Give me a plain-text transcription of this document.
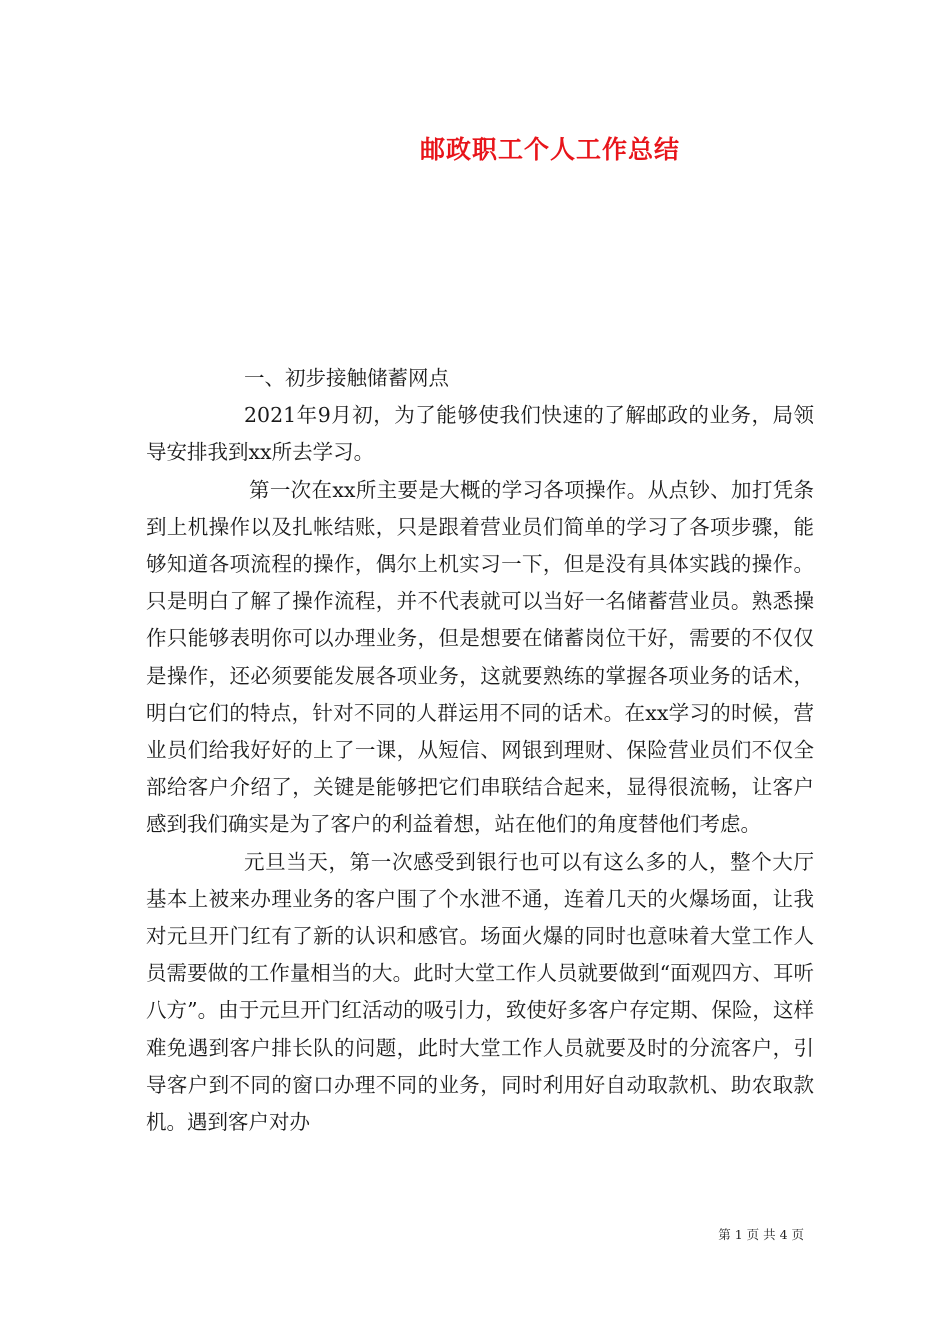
邮政职工个人工作总结

一、初步接触储蓄网点

2021年9月初，为了能够使我们快速的了解邮政的业务，局领导安排我到xx所去学习。

第一次在xx所主要是大概的学习各项操作。从点钞、加打凭条到上机操作以及扎帐结账，只是跟着营业员们简单的学习了各项步骤，能够知道各项流程的操作，偶尔上机实习一下，但是没有具体实践的操作。只是明白了解了操作流程，并不代表就可以当好一名储蓄营业员。熟悉操作只能够表明你可以办理业务，但是想要在储蓄岗位干好，需要的不仅仅是操作，还必须要能发展各项业务，这就要熟练的掌握各项业务的话术，明白它们的特点，针对不同的人群运用不同的话术。在xx学习的时候，营业员们给我好好的上了一课，从短信、网银到理财、保险营业员们不仅全部给客户介绍了，关键是能够把它们串联结合起来，显得很流畅，让客户感到我们确实是为了客户的利益着想，站在他们的角度替他们考虑。

元旦当天，第一次感受到银行也可以有这么多的人，整个大厅基本上被来办理业务的客户围了个水泄不通，连着几天的火爆场面，让我对元旦开门红有了新的认识和感官。场面火爆的同时也意味着大堂工作人员需要做的工作量相当的大。此时大堂工作人员就要做到“面观四方、耳听八方”。由于元旦开门红活动的吸引力，致使好多客户存定期、保险，这样难免遇到客户排长队的问题，此时大堂工作人员就要及时的分流客户，引导客户到不同的窗口办理不同的业务，同时利用好自动取款机、助农取款机。遇到客户对办

第 1 页 共 4 页
